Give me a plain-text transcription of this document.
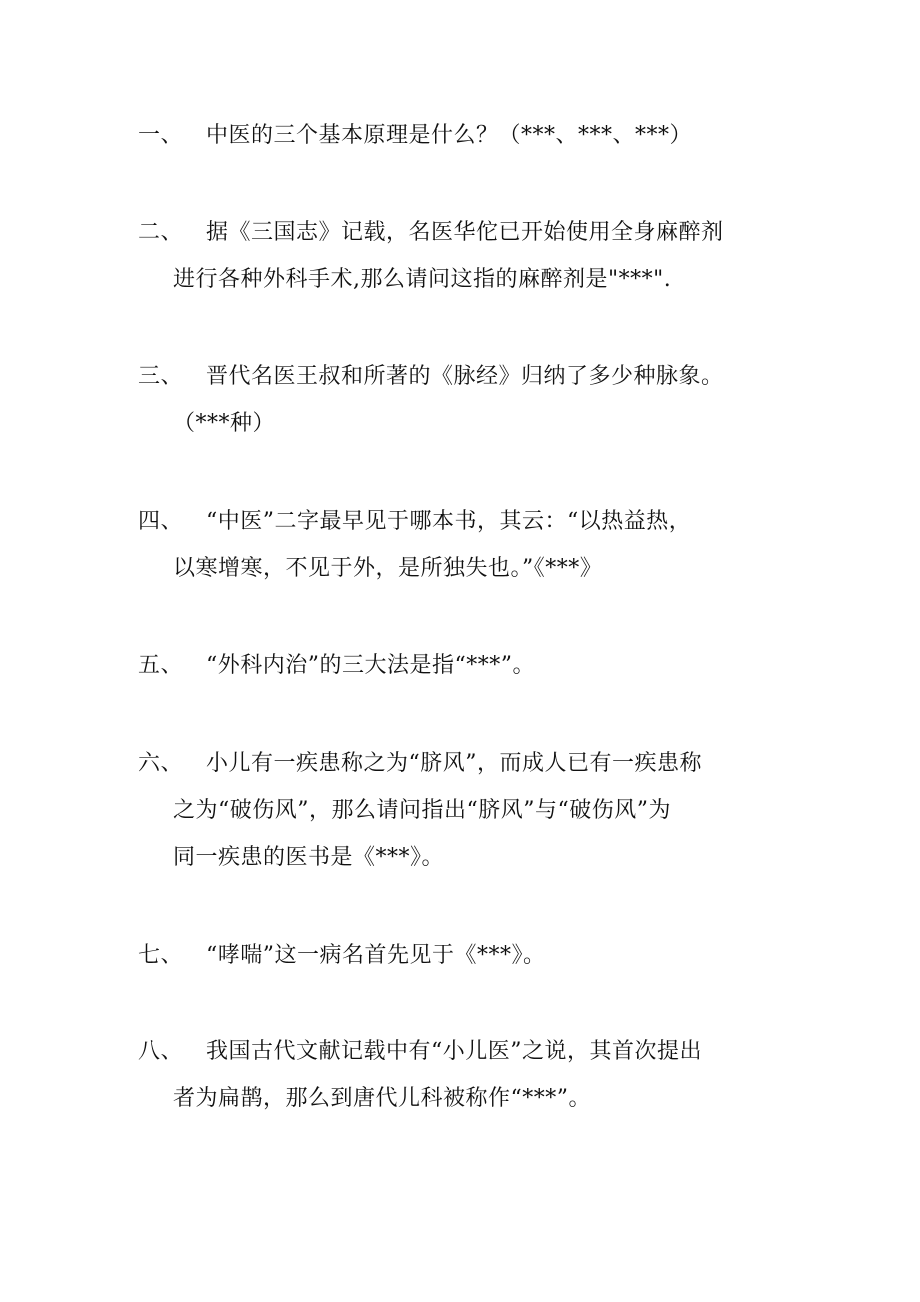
一、 中医的三个基本原理是什么？（***、***、***）
二、 据《三国志》记载，名医华佗已开始使用全身麻醉剂
进行各种外科手术,那么请问这指的麻醉剂是"***".
三、 晋代名医王叔和所著的《脉经》归纳了多少种脉象。
（***种）
四、 “中医”二字最早见于哪本书，其云：“以热益热，
以寒增寒，不见于外，是所独失也。”《***》
五、 “外科内治”的三大法是指“***”。
六、 小儿有一疾患称之为“脐风”，而成人已有一疾患称
之为“破伤风”，那么请问指出“脐风”与“破伤风”为
同一疾患的医书是《***》。
七、 “哮喘”这一病名首先见于《***》。
八、 我国古代文献记载中有“小儿医”之说，其首次提出
者为扁鹊，那么到唐代儿科被称作“***”。
